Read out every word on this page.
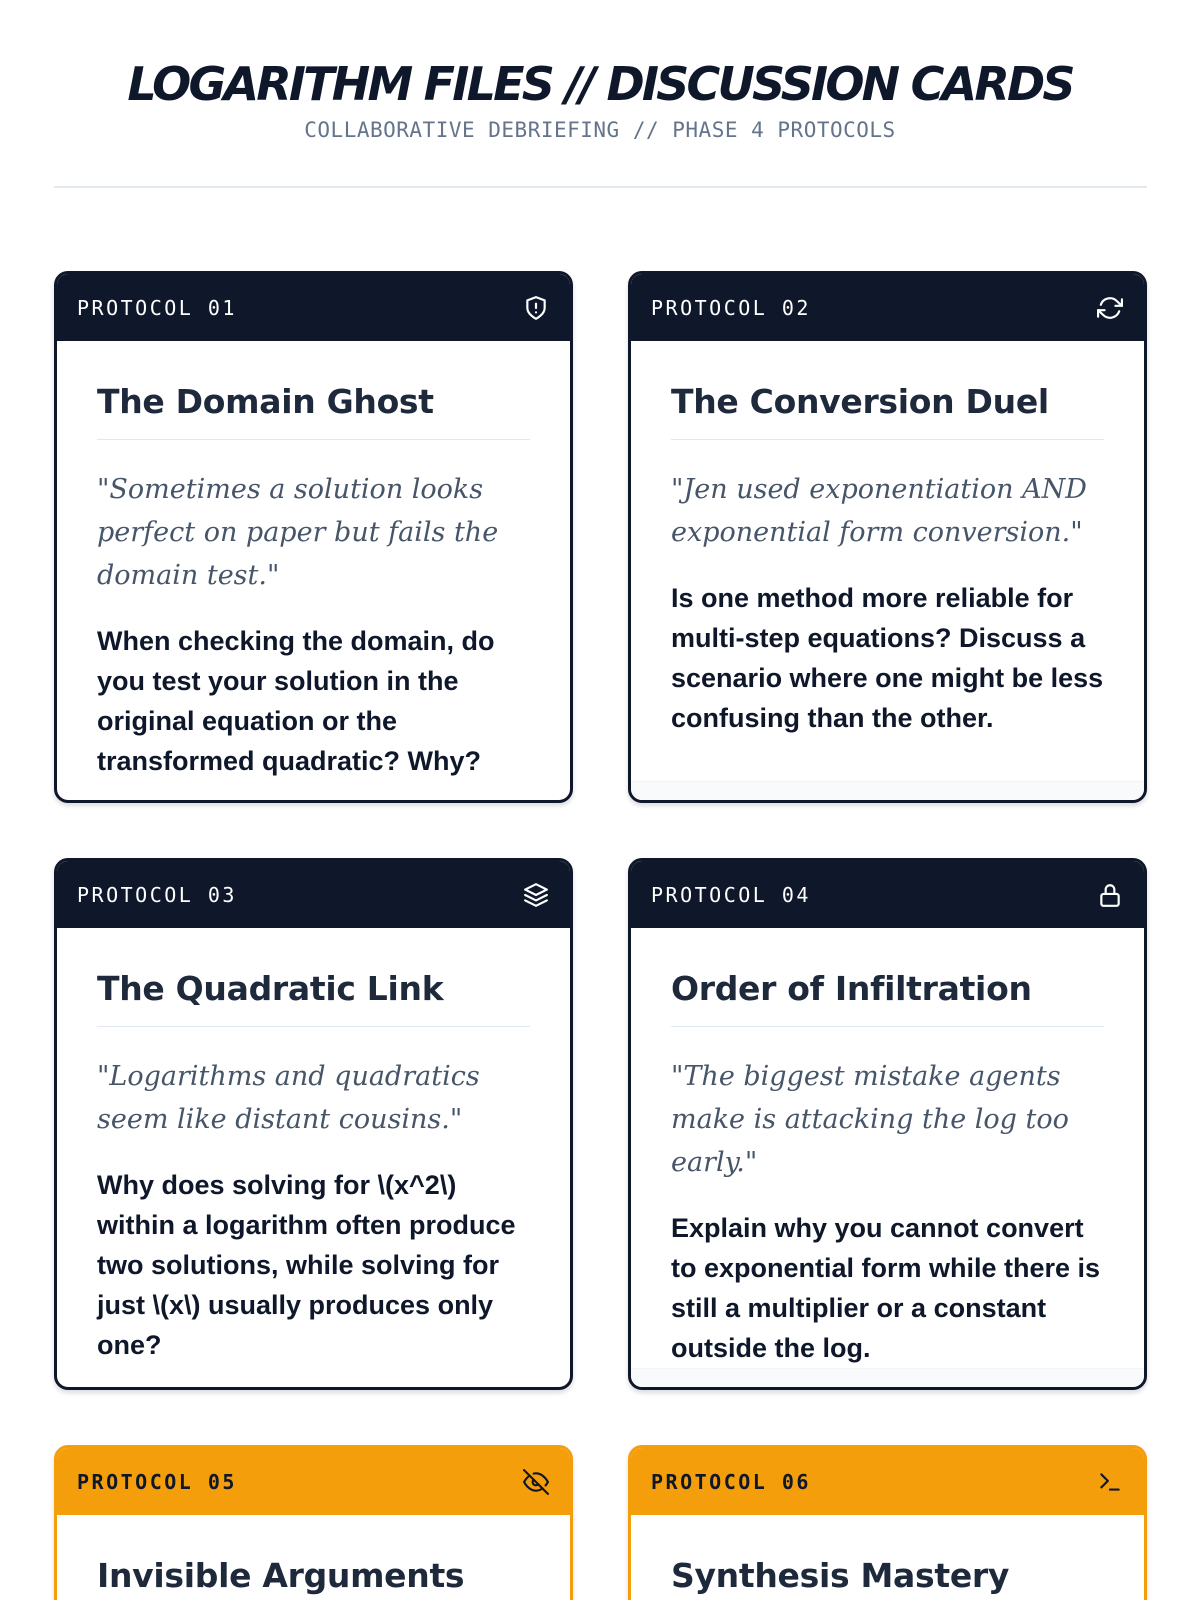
LOGARITHM FILES // DISCUSSION CARDS
COLLABORATIVE DEBRIEFING // PHASE 4 PROTOCOLS
PROTOCOL 01
The Domain Ghost

"Sometimes a solution looks perfect on paper but fails the domain test."

When checking the domain, do you test your solution in the original equation or the transformed quadratic? Why?

PROTOCOL 02
The Conversion Duel

"Jen used exponentiation AND exponential form conversion."

Is one method more reliable for multi-step equations? Discuss a scenario where one might be less confusing than the other.

PROTOCOL 03
The Quadratic Link

"Logarithms and quadratics seem like distant cousins."

Why does solving for \(x^2\) within a logarithm often produce two solutions, while solving for just \(x\) usually produces only one?

PROTOCOL 04
Order of Infiltration

"The biggest mistake agents make is attacking the log too early."

Explain why you cannot convert to exponential form while there is still a multiplier or a constant outside the log.

PROTOCOL 05
Invisible Arguments

PROTOCOL 06
Synthesis Mastery
